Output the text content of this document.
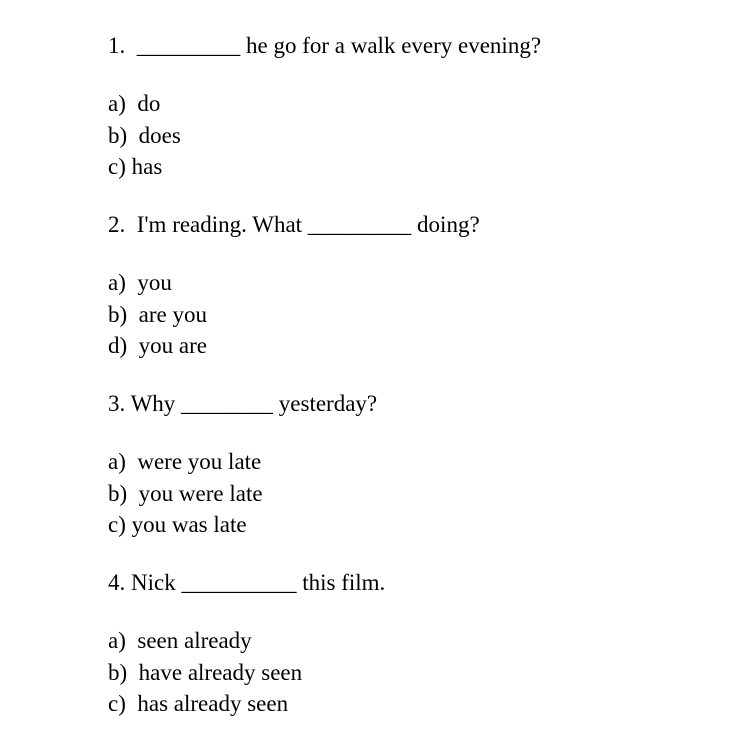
1.  _________ he go for a walk every evening?

a)  do

b)  does

c) has

2.  I'm reading. What _________ doing?

a)  you

b)  are you

d)  you are

3. Why ________ yesterday?

a)  were you late

b)  you were late

c) you was late

4. Nick __________ this film.

a)  seen already

b)  have already seen

c)  has already seen
